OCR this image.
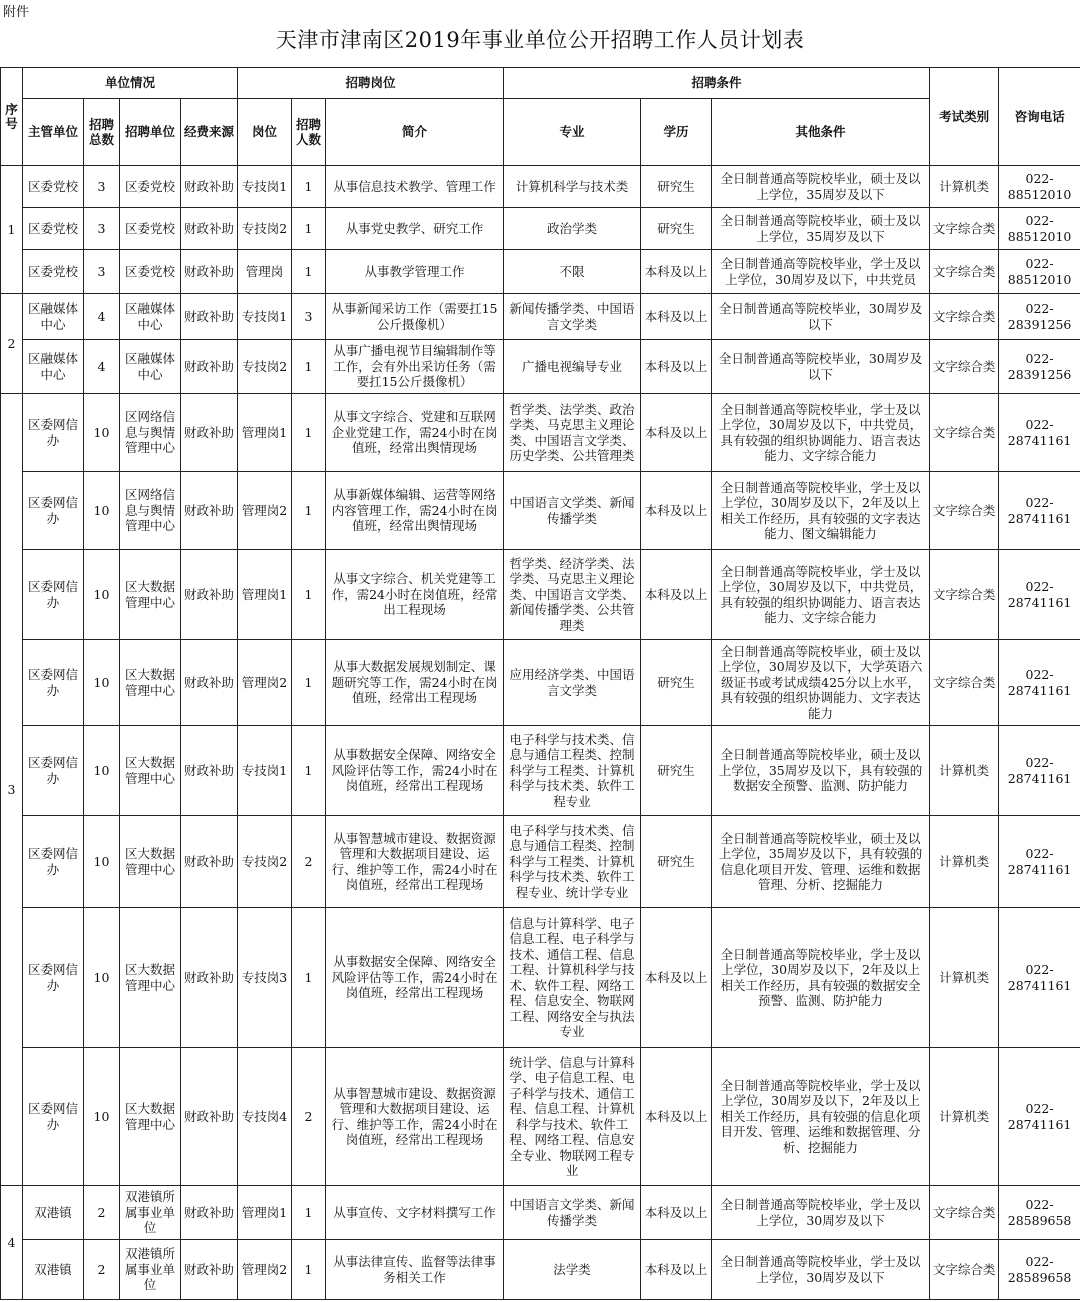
附件
天津市津南区2019年事业单位公开招聘工作人员计划表
序号	单位情况				招聘岗位			招聘条件			考试类别	咨询电话
	主管单位	招聘总数	招聘单位	经费来源	岗位	招聘人数	简介	专业	学历	其他条件		
1	区委党校	3	区委党校	财政补助	专技岗1	1	从事信息技术教学、管理工作	计算机科学与技术类	研究生	全日制普通高等院校毕业，硕士及以上学位，35周岁及以下	计算机类	022-88512010
	区委党校	3	区委党校	财政补助	专技岗2	1	从事党史教学、研究工作	政治学类	研究生	全日制普通高等院校毕业，硕士及以上学位，35周岁及以下	文字综合类	022-88512010
	区委党校	3	区委党校	财政补助	管理岗	1	从事教学管理工作	不限	本科及以上	全日制普通高等院校毕业，学士及以上学位，30周岁及以下，中共党员	文字综合类	022-88512010
2	区融媒体中心	4	区融媒体中心	财政补助	专技岗1	3	从事新闻采访工作（需要扛15公斤摄像机）	新闻传播学类、中国语言文学类	本科及以上	全日制普通高等院校毕业，30周岁及以下	文字综合类	022-28391256
	区融媒体中心	4	区融媒体中心	财政补助	专技岗2	1	从事广播电视节目编辑制作等工作，会有外出采访任务（需要扛15公斤摄像机）	广播电视编导专业	本科及以上	全日制普通高等院校毕业，30周岁及以下	文字综合类	022-28391256
3	区委网信办	10	区网络信息与舆情管理中心	财政补助	管理岗1	1	从事文字综合、党建和互联网企业党建工作，需24小时在岗值班，经常出舆情现场	哲学类、法学类、政治学类、马克思主义理论类、中国语言文学类、历史学类、公共管理类	本科及以上	全日制普通高等院校毕业，学士及以上学位，30周岁及以下，中共党员，具有较强的组织协调能力、语言表达能力、文字综合能力	文字综合类	022-28741161
	区委网信办	10	区网络信息与舆情管理中心	财政补助	管理岗2	1	从事新媒体编辑、运营等网络内容管理工作，需24小时在岗值班，经常出舆情现场	中国语言文学类、新闻传播学类	本科及以上	全日制普通高等院校毕业，学士及以上学位，30周岁及以下，2年及以上相关工作经历，具有较强的文字表达能力、图文编辑能力	文字综合类	022-28741161
	区委网信办	10	区大数据管理中心	财政补助	管理岗1	1	从事文字综合、机关党建等工作，需24小时在岗值班，经常出工程现场	哲学类、经济学类、法学类、马克思主义理论类、中国语言文学类、新闻传播学类、公共管理类	本科及以上	全日制普通高等院校毕业，学士及以上学位，30周岁及以下，中共党员，具有较强的组织协调能力、语言表达能力、文字综合能力	文字综合类	022-28741161
	区委网信办	10	区大数据管理中心	财政补助	管理岗2	1	从事大数据发展规划制定、课题研究等工作，需24小时在岗值班，经常出工程现场	应用经济学类、中国语言文学类	研究生	全日制普通高等院校毕业，硕士及以上学位，30周岁及以下，大学英语六级证书或考试成绩425分以上水平，具有较强的组织协调能力、文字表达能力	文字综合类	022-28741161
	区委网信办	10	区大数据管理中心	财政补助	专技岗1	1	从事数据安全保障、网络安全风险评估等工作，需24小时在岗值班，经常出工程现场	电子科学与技术类、信息与通信工程类、控制科学与工程类、计算机科学与技术类、软件工程专业	研究生	全日制普通高等院校毕业，硕士及以上学位，35周岁及以下，具有较强的数据安全预警、监测、防护能力	计算机类	022-28741161
	区委网信办	10	区大数据管理中心	财政补助	专技岗2	2	从事智慧城市建设、数据资源管理和大数据项目建设、运行、维护等工作，需24小时在岗值班，经常出工程现场	电子科学与技术类、信息与通信工程类、控制科学与工程类、计算机科学与技术类、软件工程专业、统计学专业	研究生	全日制普通高等院校毕业，硕士及以上学位，35周岁及以下，具有较强的信息化项目开发、管理、运维和数据管理、分析、挖掘能力	计算机类	022-28741161
	区委网信办	10	区大数据管理中心	财政补助	专技岗3	1	从事数据安全保障、网络安全风险评估等工作，需24小时在岗值班，经常出工程现场	信息与计算科学、电子信息工程、电子科学与技术、通信工程、信息工程、计算机科学与技术、软件工程、网络工程、信息安全、物联网工程、网络安全与执法专业	本科及以上	全日制普通高等院校毕业，学士及以上学位，30周岁及以下，2年及以上相关工作经历，具有较强的数据安全预警、监测、防护能力	计算机类	022-28741161
	区委网信办	10	区大数据管理中心	财政补助	专技岗4	2	从事智慧城市建设、数据资源管理和大数据项目建设、运行、维护等工作，需24小时在岗值班，经常出工程现场	统计学、信息与计算科学、电子信息工程、电子科学与技术、通信工程、信息工程、计算机科学与技术、软件工程、网络工程、信息安全专业、物联网工程专业	本科及以上	全日制普通高等院校毕业，学士及以上学位，30周岁及以下，2年及以上相关工作经历，具有较强的信息化项目开发、管理、运维和数据管理、分析、挖掘能力	计算机类	022-28741161
4	双港镇	2	双港镇所属事业单位	财政补助	管理岗1	1	从事宣传、文字材料撰写工作	中国语言文学类、新闻传播学类	本科及以上	全日制普通高等院校毕业，学士及以上学位，30周岁及以下	文字综合类	022-28589658
	双港镇	2	双港镇所属事业单位	财政补助	管理岗2	1	从事法律宣传、监督等法律事务相关工作	法学类	本科及以上	全日制普通高等院校毕业，学士及以上学位，30周岁及以下	文字综合类	022-28589658
